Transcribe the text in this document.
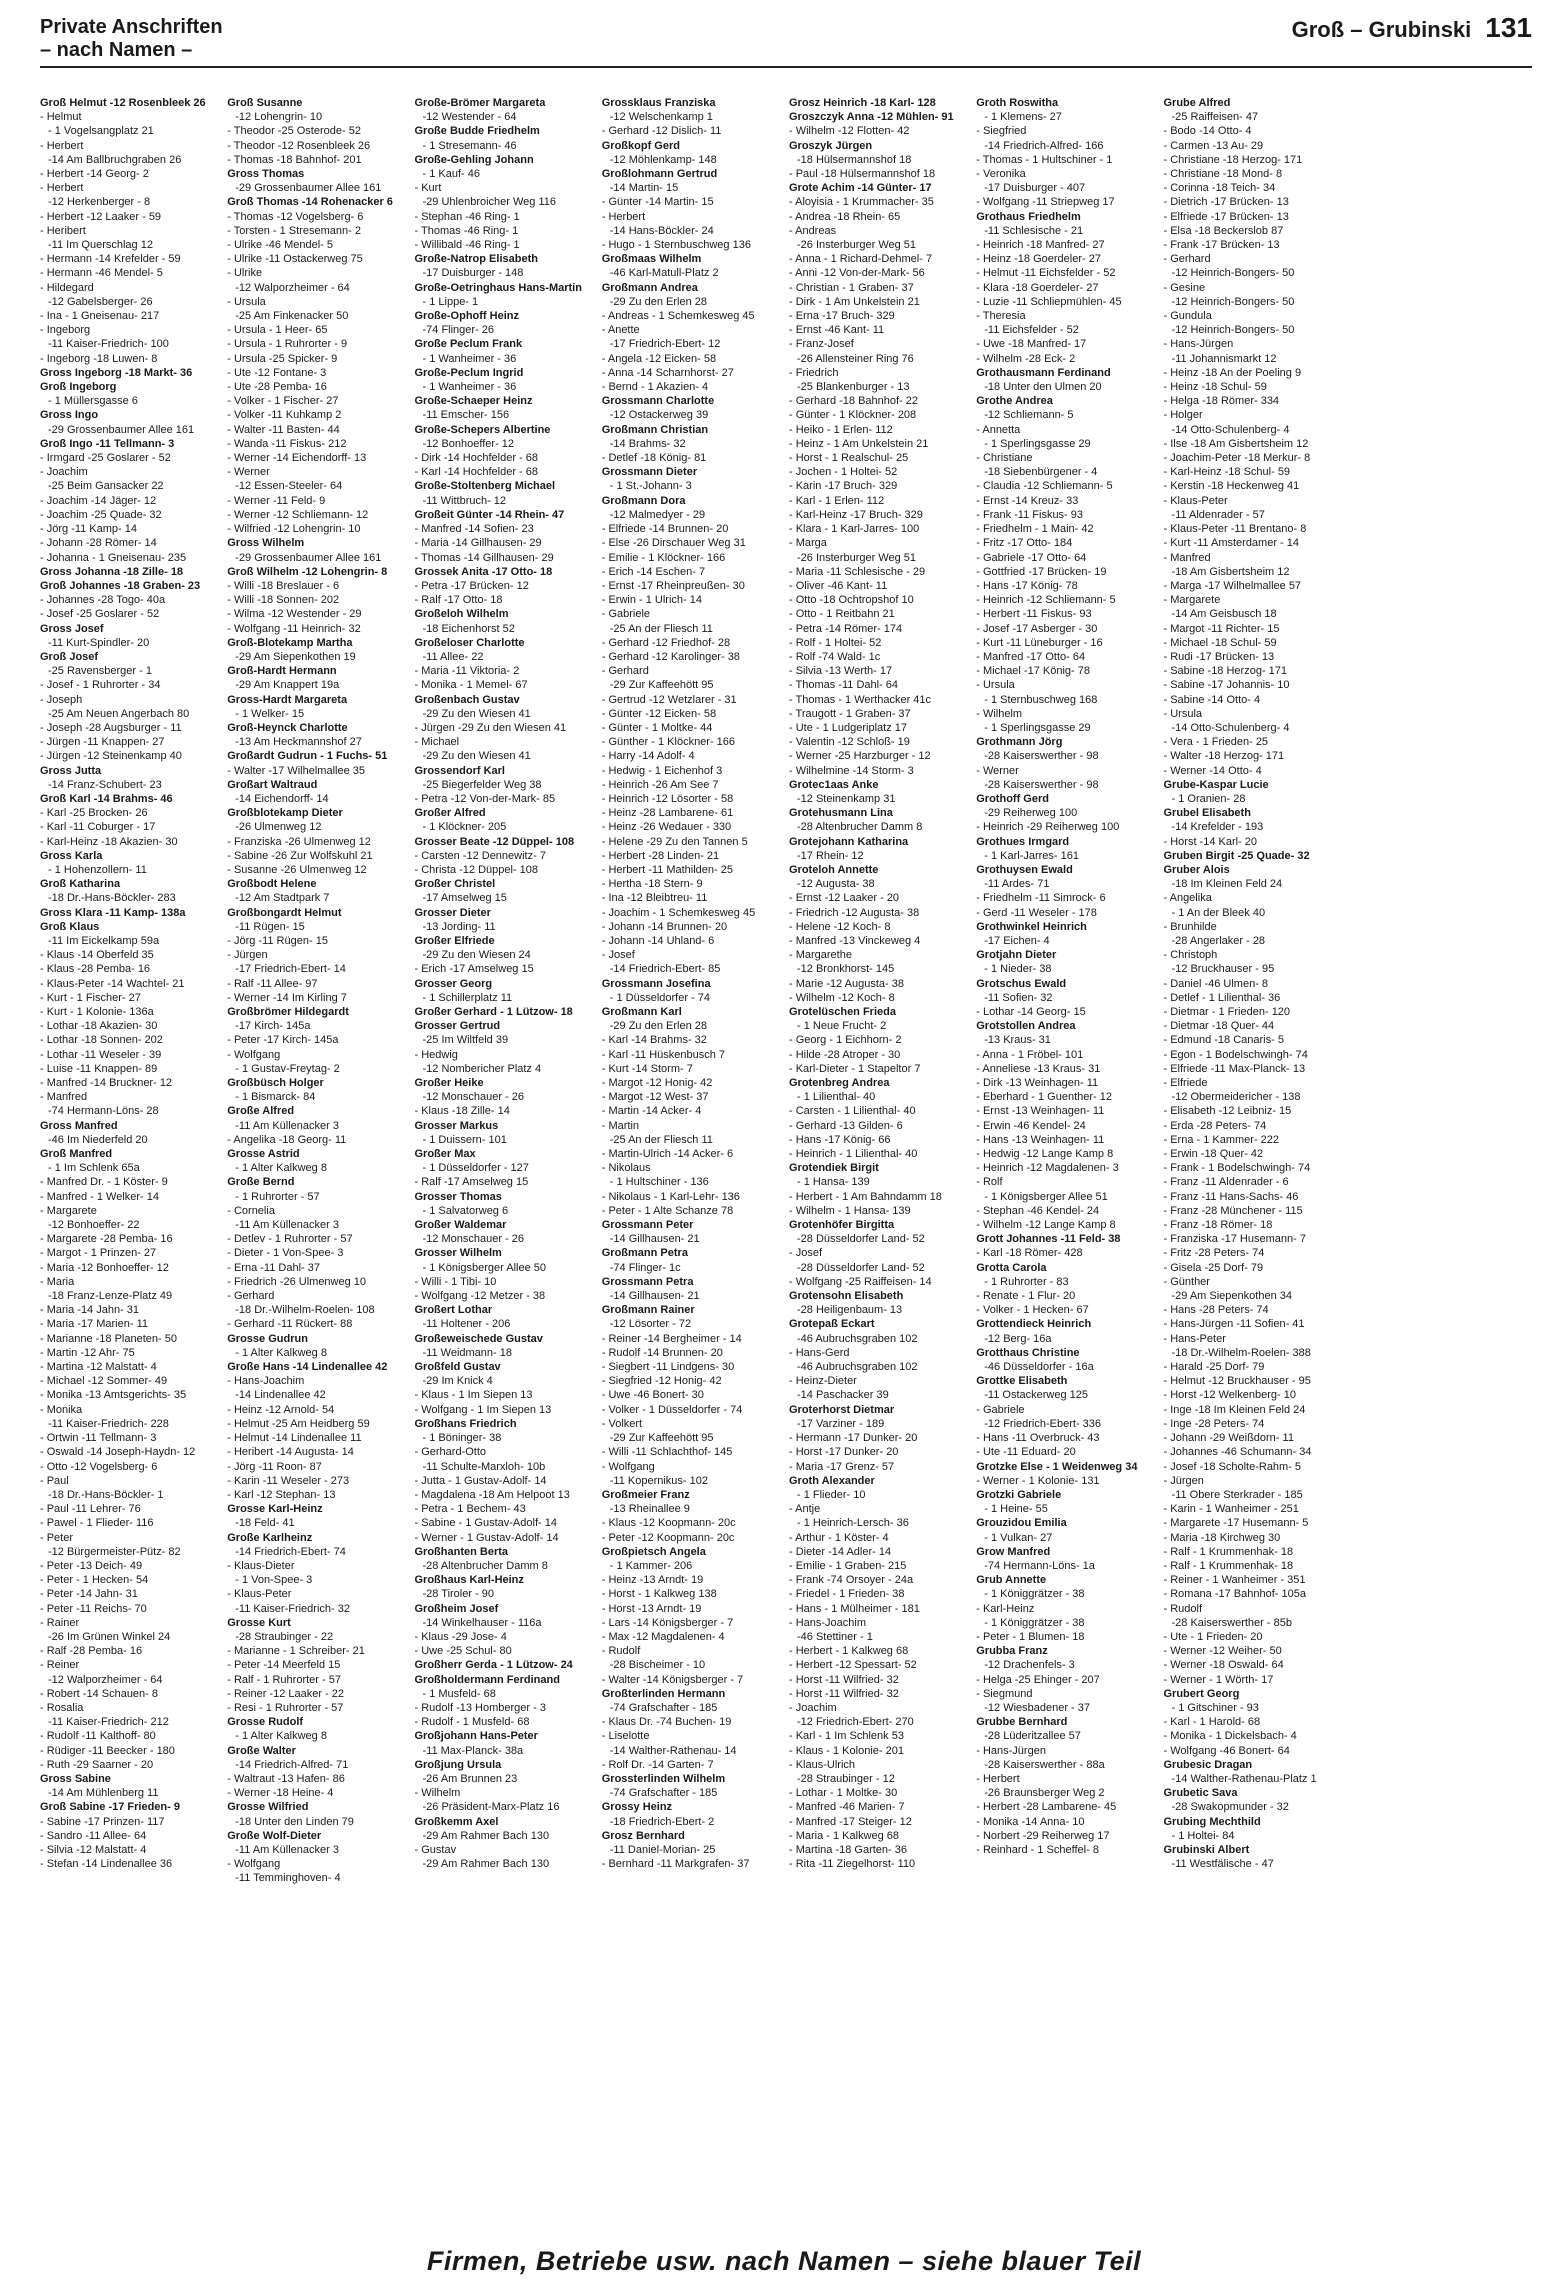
Private Anschriften
– nach Namen –
Groß – Grubinski 131
Groß Helmut -12 Rosenbleek 26
- Helmut
- 1 Vogelsangplatz 21
- Herbert
-14 Am Ballbruchgraben 26
- Herbert -14 Georg- 2
- Herbert
-12 Herkenberger - 8
- Herbert -12 Laaker - 59
- Heribert
-11 Im Querschlag 12
- Hermann -14 Krefelder - 59
- Hermann -46 Mendel- 5
- Hildegard
-12 Gabelsberger- 26
- Ina - 1 Gneisenau- 217
- Ingeborg
-11 Kaiser-Friedrich- 100
- Ingeborg -18 Luwen- 8
Gross Ingeborg -18 Markt- 36
Groß Ingeborg
- 1 Müllersgasse 6
Gross Ingo
-29 Grossenbaumer Allee 161
Groß Ingo -11 Tellmann- 3
- Irmgard -25 Goslarer - 52
- Joachim
-25 Beim Gansacker 22
- Joachim -14 Jäger- 12
- Joachim -25 Quade- 32
- Jörg -11 Kamp- 14
- Johann -28 Römer- 14
- Johanna - 1 Gneisenau- 235
Gross Johanna -18 Zille- 18
Groß Johannes -18 Graben- 23
- Johannes -28 Togo- 40a
- Josef -25 Goslarer - 52
Gross Josef
-11 Kurt-Spindler- 20
Groß Josef
-25 Ravensberger - 1
- Josef - 1 Ruhrorter - 34
- Joseph
-25 Am Neuen Angerbach 80
- Joseph -28 Augsburger - 11
- Jürgen -11 Knappen- 27
- Jürgen -12 Steinenkamp 40
Gross Jutta
-14 Franz-Schubert- 23
Groß Karl -14 Brahms- 46
- Karl -25 Brocken- 26
- Karl -11 Coburger - 17
- Karl-Heinz -18 Akazien- 30
Gross Karla
- 1 Hohenzollern- 11
Groß Katharina
-18 Dr.-Hans-Böckler- 283
Gross Klara -11 Kamp- 138a
Groß Klaus
-11 Im Eickelkamp 59a
- Klaus -14 Oberfeld 35
- Klaus -28 Pemba- 16
- Klaus-Peter -14 Wachtel- 21
- Kurt - 1 Fischer- 27
- Kurt - 1 Kolonie- 136a
- Lothar -18 Akazien- 30
- Lothar -18 Sonnen- 202
- Lothar -11 Weseler - 39
- Luise -11 Knappen- 89
- Manfred -14 Bruckner- 12
- Manfred
-74 Hermann-Löns- 28
Gross Manfred
-46 Im Niederfeld 20
Groß Manfred
- 1 Im Schlenk 65a
- Manfred Dr. - 1 Köster- 9
- Manfred - 1 Welker- 14
- Margarete
-12 Bonhoeffer- 22
- Margarete -28 Pemba- 16
- Margot - 1 Prinzen- 27
- Maria -12 Bonhoeffer- 12
- Maria
-18 Franz-Lenze-Platz 49
- Maria -14 Jahn- 31
- Maria -17 Marien- 11
- Marianne -18 Planeten- 50
- Martin -12 Ahr- 75
- Martina -12 Malstatt- 4
- Michael -12 Sommer- 49
- Monika -13 Amtsgerichts- 35
- Monika
-11 Kaiser-Friedrich- 228
- Ortwin -11 Tellmann- 3
- Oswald -14 Joseph-Haydn- 12
- Otto -12 Vogelsberg- 6
- Paul
-18 Dr.-Hans-Böckler- 1
- Paul -11 Lehrer- 76
- Pawel - 1 Flieder- 116
- Peter
-12 Bürgermeister-Pütz- 82
- Peter -13 Deich- 49
- Peter - 1 Hecken- 54
- Peter -14 Jahn- 31
- Peter -11 Reichs- 70
- Rainer
-26 Im Grünen Winkel 24
- Ralf -28 Pemba- 16
- Reiner
-12 Walporzheimer - 64
- Robert -14 Schauen- 8
- Rosalia
-11 Kaiser-Friedrich- 212
- Rudolf -11 Kalthoff- 80
- Rüdiger -11 Beecker - 180
- Ruth -29 Saarner - 20
Gross Sabine
-14 Am Mühlenberg 11
Groß Sabine -17 Frieden- 9
- Sabine -17 Prinzen- 117
- Sandro -11 Allee- 64
- Silvia -12 Malstatt- 4
- Stefan -14 Lindenallee 36
Groß Susanne
-12 Lohengrin- 10
- Theodor -25 Osterode- 52
- Theodor -12 Rosenbleek 26
- Thomas -18 Bahnhof- 201
Gross Thomas
-29 Grossenbaumer Allee 161
Groß Thomas -14 Rohenacker 6
- Thomas -12 Vogelsberg- 6
- Torsten - 1 Stresemann- 2
- Ulrike -46 Mendel- 5
- Ulrike -11 Ostackerweg 75
- Ulrike
-12 Walporzheimer - 64
- Ursula
-25 Am Finkenacker 50
- Ursula - 1 Heer- 65
- Ursula - 1 Ruhrorter - 9
- Ursula -25 Spicker- 9
- Ute -12 Fontane- 3
- Ute -28 Pemba- 16
- Volker - 1 Fischer- 27
- Volker -11 Kuhkamp 2
- Walter -11 Basten- 44
- Wanda -11 Fiskus- 212
- Werner -14 Eichendorff- 13
- Werner
-12 Essen-Steeler- 64
- Werner -11 Feld- 9
- Werner -12 Schliemann- 12
- Wilfried -12 Lohengrin- 10
Gross Wilhelm
-29 Grossenbaumer Allee 161
Groß Wilhelm -12 Lohengrin- 8
- Willi -18 Breslauer - 6
- Willi -18 Sonnen- 202
- Wilma -12 Westender - 29
- Wolfgang -11 Heinrich- 32
Groß-Blotekamp Martha
-29 Am Siepenkothen 19
Groß-Hardt Hermann
-29 Am Knappert 19a
Gross-Hardt Margareta
- 1 Welker- 15
Groß-Heynck Charlotte
-13 Am Heckmannshof 27
Großardt Gudrun - 1 Fuchs- 51
- Walter -17 Wilhelmallee 35
Großart Waltraud
-14 Eichendorff- 14
Großblotekamp Dieter
-26 Ulmenweg 12
- Franziska -26 Ulmenweg 12
- Sabine -26 Zur Wolfskuhl 21
- Susanne -26 Ulmenweg 12
Großbodt Helene
-12 Am Stadtpark 7
Großbongardt Helmut
-11 Rügen- 15
- Jörg -11 Rügen- 15
- Jürgen
-17 Friedrich-Ebert- 14
- Ralf -11 Allee- 97
- Werner -14 Im Kirling 7
Großbrömer Hildegardt
-17 Kirch- 145a
- Peter -17 Kirch- 145a
- Wolfgang
- 1 Gustav-Freytag- 2
Großbüsch Holger
- 1 Bismarck- 84
Große Alfred
-11 Am Küllenacker 3
- Angelika -18 Georg- 11
Grosse Astrid
- 1 Alter Kalkweg 8
Große Bernd
- 1 Ruhrorter - 57
- Cornelia
-11 Am Küllenacker 3
- Detlev - 1 Ruhrorter - 57
- Dieter - 1 Von-Spee- 3
- Erna -11 Dahl- 37
- Friedrich -26 Ulmenweg 10
- Gerhard
-18 Dr.-Wilhelm-Roelen- 108
- Gerhard -11 Rückert- 88
Grosse Gudrun
- 1 Alter Kalkweg 8
Große Hans -14 Lindenallee 42
- Hans-Joachim
-14 Lindenallee 42
- Heinz -12 Arnold- 54
- Helmut -25 Am Heidberg 59
- Helmut -14 Lindenallee 11
- Heribert -14 Augusta- 14
- Jörg -11 Roon- 87
- Karin -11 Weseler - 273
- Karl -12 Stephan- 13
Grosse Karl-Heinz
-18 Feld- 41
Große Karlheinz
-14 Friedrich-Ebert- 74
- Klaus-Dieter
- 1 Von-Spee- 3
- Klaus-Peter
-11 Kaiser-Friedrich- 32
Grosse Kurt
-28 Straubinger - 22
- Marianne - 1 Schreiber- 21
- Peter -14 Meerfeld 15
- Ralf - 1 Ruhrorter - 57
- Reiner -12 Laaker - 22
- Resi - 1 Ruhrorter - 57
Grosse Rudolf
- 1 Alter Kalkweg 8
Große Walter
-14 Friedrich-Alfred- 71
- Waltraut -13 Hafen- 86
- Werner -18 Heine- 4
Grosse Wilfried
-18 Unter den Linden 79
Große Wolf-Dieter
-11 Am Küllenacker 3
- Wolfgang
-11 Temminghoven- 4
Große-Brömer Margareta
-12 Westender - 64
Große Budde Friedhelm
- 1 Stresemann- 46
Große-Gehling Johann
- 1 Kauf- 46
- Kurt
-29 Uhlenbroicher Weg 116
- Stephan -46 Ring- 1
- Thomas -46 Ring- 1
- Willibald -46 Ring- 1
Große-Natrop Elisabeth
-17 Duisburger - 148
Große-Oetringhaus Hans-Martin
- 1 Lippe- 1
Große-Ophoff Heinz
-74 Flinger- 26
Große Peclum Frank
- 1 Wanheimer - 36
Große-Peclum Ingrid
- 1 Wanheimer - 36
Große-Schaeper Heinz
-11 Emscher- 156
Große-Schepers Albertine
-12 Bonhoeffer- 12
- Dirk -14 Hochfelder - 68
- Karl -14 Hochfelder - 68
Große-Stoltenberg Michael
-11 Wittbruch- 12
Großeit Günter -14 Rhein- 47
- Manfred -14 Sofien- 23
- Maria -14 Gillhausen- 29
- Thomas -14 Gillhausen- 29
Grossek Anita -17 Otto- 18
- Petra -17 Brücken- 12
- Ralf -17 Otto- 18
Großeloh Wilhelm
-18 Eichenhorst 52
Großeloser Charlotte
-11 Allee- 22
- Maria -11 Viktoria- 2
- Monika - 1 Memel- 67
Großenbach Gustav
-29 Zu den Wiesen 41
- Jürgen -29 Zu den Wiesen 41
- Michael
-29 Zu den Wiesen 41
Grossendorf Karl
-25 Biegerfelder Weg 38
- Petra -12 Von-der-Mark- 85
Großer Alfred
- 1 Klöckner- 205
Grosser Beate -12 Düppel- 108
- Carsten -12 Dennewitz- 7
- Christa -12 Düppel- 108
Großer Christel
-17 Amselweg 15
Grosser Dieter
-13 Jording- 11
Großer Elfriede
-29 Zu den Wiesen 24
- Erich -17 Amselweg 15
Grosser Georg
- 1 Schillerplatz 11
Großer Gerhard - 1 Lützow- 18
Grosser Gertrud
-25 Im Wiltfeld 39
- Hedwig
-12 Nombericher Platz 4
Großer Heike
-12 Monschauer - 26
- Klaus -18 Zille- 14
Grosser Markus
- 1 Duissern- 101
Großer Max
- 1 Düsseldorfer - 127
- Ralf -17 Amselweg 15
Grosser Thomas
- 1 Salvatorweg 6
Großer Waldemar
-12 Monschauer - 26
Grosser Wilhelm
- 1 Königsberger Allee 50
- Willi - 1 Tibi- 10
- Wolfgang -12 Metzer - 38
Großert Lothar
-11 Holtener - 206
Großeweischede Gustav
-11 Weidmann- 18
Großfeld Gustav
-29 Im Knick 4
- Klaus - 1 Im Siepen 13
- Wolfgang - 1 Im Siepen 13
Großhans Friedrich
- 1 Böninger- 38
- Gerhard-Otto
-11 Schulte-Marxloh- 10b
- Jutta - 1 Gustav-Adolf- 14
- Magdalena -18 Am Helpoot 13
- Petra - 1 Bechem- 43
- Sabine - 1 Gustav-Adolf- 14
- Werner - 1 Gustav-Adolf- 14
Großhanten Berta
-28 Altenbrucher Damm 8
Großhaus Karl-Heinz
-28 Tiroler - 90
Großheim Josef
-14 Winkelhauser - 116a
- Klaus -29 Jose- 4
- Uwe -25 Schul- 80
Großherr Gerda - 1 Lützow- 24
Großholdermann Ferdinand
- 1 Musfeld- 68
- Rudolf -13 Homberger - 3
- Rudolf - 1 Musfeld- 68
Großjohann Hans-Peter
-11 Max-Planck- 38a
Großjung Ursula
-26 Am Brunnen 23
- Wilhelm
-26 Präsident-Marx-Platz 16
Großkemm Axel
-29 Am Rahmer Bach 130
- Gustav
-29 Am Rahmer Bach 130
Grossklaus Franziska
-12 Welschenkamp 1
- Gerhard -12 Dislich- 11
Großkopf Gerd
-12 Möhlenkamp- 148
Großlohmann Gertrud
-14 Martin- 15
- Günter -14 Martin- 15
- Herbert
-14 Hans-Böckler- 24
- Hugo - 1 Sternbuschweg 136
Großmaas Wilhelm
-46 Karl-Matull-Platz 2
Großmann Andrea
-29 Zu den Erlen 28
- Andreas - 1 Schemkesweg 45
- Anette
-17 Friedrich-Ebert- 12
- Angela -12 Eicken- 58
- Anna -14 Scharnhorst- 27
- Bernd - 1 Akazien- 4
Grossmann Charlotte
-12 Ostackerweg 39
Großmann Christian
-14 Brahms- 32
- Detlef -18 König- 81
Grossmann Dieter
- 1 St.-Johann- 3
Großmann Dora
-12 Malmedyer - 29
- Elfriede -14 Brunnen- 20
- Else -26 Dirschauer Weg 31
- Emilie - 1 Klöckner- 166
- Erich -14 Eschen- 7
- Ernst -17 Rheinpreußen- 30
- Erwin - 1 Ulrich- 14
- Gabriele
-25 An der Fliesch 11
- Gerhard -12 Friedhof- 28
- Gerhard -12 Karolinger- 38
- Gerhard
-29 Zur Kaffeehött 95
- Gertrud -12 Wetzlarer - 31
- Günter -12 Eicken- 58
- Günter - 1 Moltke- 44
- Günther - 1 Klöckner- 166
- Harry -14 Adolf- 4
- Hedwig - 1 Eichenhof 3
- Heinrich -26 Am See 7
- Heinrich -12 Lösorter - 58
- Heinz -28 Lambarene- 61
- Heinz -26 Wedauer - 330
- Helene -29 Zu den Tannen 5
- Herbert -28 Linden- 21
- Herbert -11 Mathilden- 25
- Hertha -18 Stern- 9
- Ina -12 Bleibtreu- 11
- Joachim - 1 Schemkesweg 45
- Johann -14 Brunnen- 20
- Johann -14 Uhland- 6
- Josef
-14 Friedrich-Ebert- 85
Grossmann Josefina
- 1 Düsseldorfer - 74
Großmann Karl
-29 Zu den Erlen 28
- Karl -14 Brahms- 32
- Karl -11 Hüskenbusch 7
- Kurt -14 Storm- 7
- Margot -12 Honig- 42
- Margot -12 West- 37
- Martin -14 Acker- 4
- Martin
-25 An der Fliesch 11
- Martin-Ulrich -14 Acker- 6
- Nikolaus
- 1 Hultschiner - 136
- Nikolaus - 1 Karl-Lehr- 136
- Peter - 1 Alte Schanze 78
Grossmann Peter
-14 Gillhausen- 21
Großmann Petra
-74 Flinger- 1c
Grossmann Petra
-14 Gillhausen- 21
Großmann Rainer
-12 Lösorter - 72
- Reiner -14 Bergheimer - 14
- Rudolf -14 Brunnen- 20
- Siegbert -11 Lindgens- 30
- Siegfried -12 Honig- 42
- Uwe -46 Bonert- 30
- Volker - 1 Düsseldorfer - 74
- Volkert
-29 Zur Kaffeehött 95
- Willi -11 Schlachthof- 145
- Wolfgang
-11 Kopernikus- 102
Großmeier Franz
-13 Rheinallee 9
- Klaus -12 Koopmann- 20c
- Peter -12 Koopmann- 20c
Großpietsch Angela
- 1 Kammer- 206
- Heinz -13 Arndt- 19
- Horst - 1 Kalkweg 138
- Horst -13 Arndt- 19
- Lars -14 Königsberger - 7
- Max -12 Magdalenen- 4
- Rudolf
-28 Bischeimer - 10
- Walter -14 Königsberger - 7
Großterlinden Hermann
-74 Grafschafter - 185
- Klaus Dr. -74 Buchen- 19
- Liselotte
-14 Walther-Rathenau- 14
- Rolf Dr. -14 Garten- 7
Grossterlinden Wilhelm
-74 Grafschafter - 185
Grossy Heinz
-18 Friedrich-Ebert- 2
Grosz Bernhard
-11 Daniel-Morian- 25
- Bernhard -11 Markgrafen- 37
Grosz Heinrich -18 Karl- 128
Groszczyk Anna -12 Mühlen- 91
- Wilhelm -12 Flotten- 42
Groszyk Jürgen
-18 Hülsermannshof 18
- Paul -18 Hülsermannshof 18
Grote Achim -14 Günter- 17
- Aloyisia - 1 Krummacher- 35
- Andrea -18 Rhein- 65
- Andreas
-26 Insterburger Weg 51
- Anna - 1 Richard-Dehmel- 7
- Anni -12 Von-der-Mark- 56
- Christian - 1 Graben- 37
- Dirk - 1 Am Unkelstein 21
- Erna -17 Bruch- 329
- Ernst -46 Kant- 11
- Franz-Josef
-26 Allensteiner Ring 76
- Friedrich
-25 Blankenburger - 13
- Gerhard -18 Bahnhof- 22
- Günter - 1 Klöckner- 208
- Heiko - 1 Erlen- 112
- Heinz - 1 Am Unkelstein 21
- Horst - 1 Realschul- 25
- Jochen - 1 Holtei- 52
- Karin -17 Bruch- 329
- Karl - 1 Erlen- 112
- Karl-Heinz -17 Bruch- 329
- Klara - 1 Karl-Jarres- 100
- Marga
-26 Insterburger Weg 51
- Maria -11 Schlesische - 29
- Oliver -46 Kant- 11
- Otto -18 Ochtropshof 10
- Otto - 1 Reitbahn 21
- Petra -14 Römer- 174
- Rolf - 1 Holtei- 52
- Rolf -74 Wald- 1c
- Silvia -13 Werth- 17
- Thomas -11 Dahl- 64
- Thomas - 1 Werthacker 41c
- Traugott - 1 Graben- 37
- Ute - 1 Ludgeriplatz 17
- Valentin -12 Schloß- 19
- Werner -25 Harzburger - 12
- Wilhelmine -14 Storm- 3
Grotec1aas Anke
-12 Steinenkamp 31
Grotehusmann Lina
-28 Altenbrucher Damm 8
Grotejohann Katharina
-17 Rhein- 12
Groteloh Annette
-12 Augusta- 38
- Ernst -12 Laaker - 20
- Friedrich -12 Augusta- 38
- Helene -12 Koch- 8
- Manfred -13 Vinckeweg 4
- Margarethe
-12 Bronkhorst- 145
- Marie -12 Augusta- 38
- Wilhelm -12 Koch- 8
Grotelüschen Frieda
- 1 Neue Frucht- 2
- Georg - 1 Eichhorn- 2
- Hilde -28 Atroper - 30
- Karl-Dieter - 1 Stapeltor 7
Grotenbreg Andrea
- 1 Lilienthal- 40
- Carsten - 1 Lilienthal- 40
- Gerhard -13 Gilden- 6
- Hans -17 König- 66
- Heinrich - 1 Lilienthal- 40
Grotendiek Birgit
- 1 Hansa- 139
- Herbert - 1 Am Bahndamm 18
- Wilhelm - 1 Hansa- 139
Grotenhöfer Birgitta
-28 Düsseldorfer Land- 52
- Josef
-28 Düsseldorfer Land- 52
- Wolfgang -25 Raiffeisen- 14
Grotensohn Elisabeth
-28 Heiligenbaum- 13
Grotepaß Eckart
-46 Aubruchsgraben 102
- Hans-Gerd
-46 Aubruchsgraben 102
- Heinz-Dieter
-14 Paschacker 39
Groterhorst Dietmar
-17 Varziner - 189
- Hermann -17 Dunker- 20
- Horst -17 Dunker- 20
- Maria -17 Grenz- 57
Groth Alexander
- 1 Flieder- 10
- Antje
- 1 Heinrich-Lersch- 36
- Arthur - 1 Köster- 4
- Dieter -14 Adler- 14
- Emilie - 1 Graben- 215
- Frank -74 Orsoyer - 24a
- Friedel - 1 Frieden- 38
- Hans - 1 Mülheimer - 181
- Hans-Joachim
-46 Stettiner - 1
- Herbert - 1 Kalkweg 68
- Herbert -12 Spessart- 52
- Horst -11 Wilfried- 32
- Horst -11 Wilfried- 32
- Joachim
-12 Friedrich-Ebert- 270
- Karl - 1 Im Schlenk 53
- Klaus - 1 Kolonie- 201
- Klaus-Ulrich
-28 Straubinger - 12
- Lothar - 1 Moltke- 30
- Manfred -46 Marien- 7
- Manfred -17 Steiger- 12
- Maria - 1 Kalkweg 68
- Martina -18 Garten- 36
- Rita -11 Ziegelhorst- 110
Groth Roswitha
- 1 Klemens- 27
- Siegfried
-14 Friedrich-Alfred- 166
- Thomas - 1 Hultschiner - 1
- Veronika
-17 Duisburger - 407
- Wolfgang -11 Striepweg 17
Grothaus Friedhelm
-11 Schlesische - 21
- Heinrich -18 Manfred- 27
- Heinz -18 Goerdeler- 27
- Helmut -11 Eichsfelder - 52
- Klara -18 Goerdeler- 27
- Luzie -11 Schliepmühlen- 45
- Theresia
-11 Eichsfelder - 52
- Uwe -18 Manfred- 17
- Wilhelm -28 Eck- 2
Grothausmann Ferdinand
-18 Unter den Ulmen 20
Grothe Andrea
-12 Schliemann- 5
- Annetta
- 1 Sperlingsgasse 29
- Christiane
-18 Siebenbürgener - 4
- Claudia -12 Schliemann- 5
- Ernst -14 Kreuz- 33
- Frank -11 Fiskus- 93
- Friedhelm - 1 Main- 42
- Fritz -17 Otto- 184
- Gabriele -17 Otto- 64
- Gottfried -17 Brücken- 19
- Hans -17 König- 78
- Heinrich -12 Schliemann- 5
- Herbert -11 Fiskus- 93
- Josef -17 Asberger - 30
- Kurt -11 Lüneburger - 16
- Manfred -17 Otto- 64
- Michael -17 König- 78
- Ursula
- 1 Sternbuschweg 168
- Wilhelm
- 1 Sperlingsgasse 29
Grothmann Jörg
-28 Kaiserswerther - 98
- Werner
-28 Kaiserswerther - 98
Grothoff Gerd
-29 Reiherweg 100
- Heinrich -29 Reiherweg 100
Grothues Irmgard
- 1 Karl-Jarres- 161
Grothuysen Ewald
-11 Ardes- 71
- Friedhelm -11 Simrock- 6
- Gerd -11 Weseler - 178
Grothwinkel Heinrich
-17 Eichen- 4
Grotjahn Dieter
- 1 Nieder- 38
Grotschus Ewald
-11 Sofien- 32
- Lothar -14 Georg- 15
Grotstollen Andrea
-13 Kraus- 31
- Anna - 1 Fröbel- 101
- Anneliese -13 Kraus- 31
- Dirk -13 Weinhagen- 11
- Eberhard - 1 Guenther- 12
- Ernst -13 Weinhagen- 11
- Erwin -46 Kendel- 24
- Hans -13 Weinhagen- 11
- Hedwig -12 Lange Kamp 8
- Heinrich -12 Magdalenen- 3
- Rolf
- 1 Königsberger Allee 51
- Stephan -46 Kendel- 24
- Wilhelm -12 Lange Kamp 8
Grott Johannes -11 Feld- 38
- Karl -18 Römer- 428
Grotta Carola
- 1 Ruhrorter - 83
- Renate - 1 Flur- 20
- Volker - 1 Hecken- 67
Grottendieck Heinrich
-12 Berg- 16a
Grotthaus Christine
-46 Düsseldorfer - 16a
Grottke Elisabeth
-11 Ostackerweg 125
- Gabriele
-12 Friedrich-Ebert- 336
- Hans -11 Overbruck- 43
- Ute -11 Eduard- 20
Grotzke Else - 1 Weidenweg 34
- Werner - 1 Kolonie- 131
Grotzki Gabriele
- 1 Heine- 55
Grouzidou Emilia
- 1 Vulkan- 27
Grow Manfred
-74 Hermann-Löns- 1a
Grub Annette
- 1 Königgrätzer - 38
- Karl-Heinz
- 1 Königgrätzer - 38
- Peter - 1 Blumen- 18
Grubba Franz
-12 Drachenfels- 3
- Helga -25 Ehinger - 207
- Siegmund
-12 Wiesbadener - 37
Grubbe Bernhard
-28 Lüderitzallee 57
- Hans-Jürgen
-28 Kaiserswerther - 88a
- Herbert
-26 Braunsberger Weg 2
- Herbert -28 Lambarene- 45
- Monika -14 Anna- 10
- Norbert -29 Reiherweg 17
- Reinhard - 1 Scheffel- 8
Grube Alfred
-25 Raiffeisen- 47
- Bodo -14 Otto- 4
- Carmen -13 Au- 29
- Christiane -18 Herzog- 171
- Christiane -18 Mond- 8
- Corinna -18 Teich- 34
- Dietrich -17 Brücken- 13
- Elfriede -17 Brücken- 13
- Elsa -18 Beckerslob 87
- Frank -17 Brücken- 13
- Gerhard
-12 Heinrich-Bongers- 50
- Gesine
-12 Heinrich-Bongers- 50
- Gundula
-12 Heinrich-Bongers- 50
- Hans-Jürgen
-11 Johannismarkt 12
- Heinz -18 An der Poeling 9
- Heinz -18 Schul- 59
- Helga -18 Römer- 334
- Holger
-14 Otto-Schulenberg- 4
- Ilse -18 Am Gisbertsheim 12
- Joachim-Peter -18 Merkur- 8
- Karl-Heinz -18 Schul- 59
- Kerstin -18 Heckenweg 41
- Klaus-Peter
-11 Aldenrader - 57
- Klaus-Peter -11 Brentano- 8
- Kurt -11 Amsterdamer - 14
- Manfred
-18 Am Gisbertsheim 12
- Marga -17 Wilhelmallee 57
- Margarete
-14 Am Geisbusch 18
- Margot -11 Richter- 15
- Michael -18 Schul- 59
- Rudi -17 Brücken- 13
- Sabine -18 Herzog- 171
- Sabine -17 Johannis- 10
- Sabine -14 Otto- 4
- Ursula
-14 Otto-Schulenberg- 4
- Vera - 1 Frieden- 25
- Walter -18 Herzog- 171
- Werner -14 Otto- 4
Grube-Kaspar Lucie
- 1 Oranien- 28
Grubel Elisabeth
-14 Krefelder - 193
- Horst -14 Karl- 20
Gruben Birgit -25 Quade- 32
Gruber Alois
-18 Im Kleinen Feld 24
- Angelika
- 1 An der Bleek 40
- Brunhilde
-28 Angerlaker - 28
- Christoph
-12 Bruckhauser - 95
- Daniel -46 Ulmen- 8
- Detlef - 1 Lilienthal- 36
- Dietmar - 1 Frieden- 120
- Dietmar -18 Quer- 44
- Edmund -18 Canaris- 5
- Egon - 1 Bodelschwingh- 74
- Elfriede -11 Max-Planck- 13
- Elfriede
-12 Obermeidericher - 138
- Elisabeth -12 Leibniz- 15
- Erda -28 Peters- 74
- Erna - 1 Kammer- 222
- Erwin -18 Quer- 42
- Frank - 1 Bodelschwingh- 74
- Franz -11 Aldenrader - 6
- Franz -11 Hans-Sachs- 46
- Franz -28 Münchener - 115
- Franz -18 Römer- 18
- Franziska -17 Husemann- 7
- Fritz -28 Peters- 74
- Gisela -25 Dorf- 79
- Günther
-29 Am Siepenkothen 34
- Hans -28 Peters- 74
- Hans-Jürgen -11 Sofien- 41
- Hans-Peter
-18 Dr.-Wilhelm-Roelen- 388
- Harald -25 Dorf- 79
- Helmut -12 Bruckhauser - 95
- Horst -12 Welkenberg- 10
- Inge -18 Im Kleinen Feld 24
- Inge -28 Peters- 74
- Johann -29 Weißdorn- 11
- Johannes -46 Schumann- 34
- Josef -18 Scholte-Rahm- 5
- Jürgen
-11 Obere Sterkrader - 185
- Karin - 1 Wanheimer - 251
- Margarete -17 Husemann- 5
- Maria -18 Kirchweg 30
- Ralf - 1 Krummenhak- 18
- Ralf - 1 Krummenhak- 18
- Reiner - 1 Wanheimer - 351
- Romana -17 Bahnhof- 105a
- Rudolf
-28 Kaiserswerther - 85b
- Ute - 1 Frieden- 20
- Werner -12 Weiher- 50
- Werner -18 Oswald- 64
- Werner - 1 Wörth- 17
Grubert Georg
- 1 Gitschiner - 93
- Karl - 1 Harold- 68
- Monika - 1 Dickelsbach- 4
- Wolfgang -46 Bonert- 64
Grubesic Dragan
-14 Walther-Rathenau-Platz 1
Grubetic Sava
-28 Swakopmunder - 32
Grubing Mechthild
- 1 Holtei- 84
Grubinski Albert
-11 Westfälische - 47
Firmen, Betriebe usw. nach Namen – siehe blauer Teil
